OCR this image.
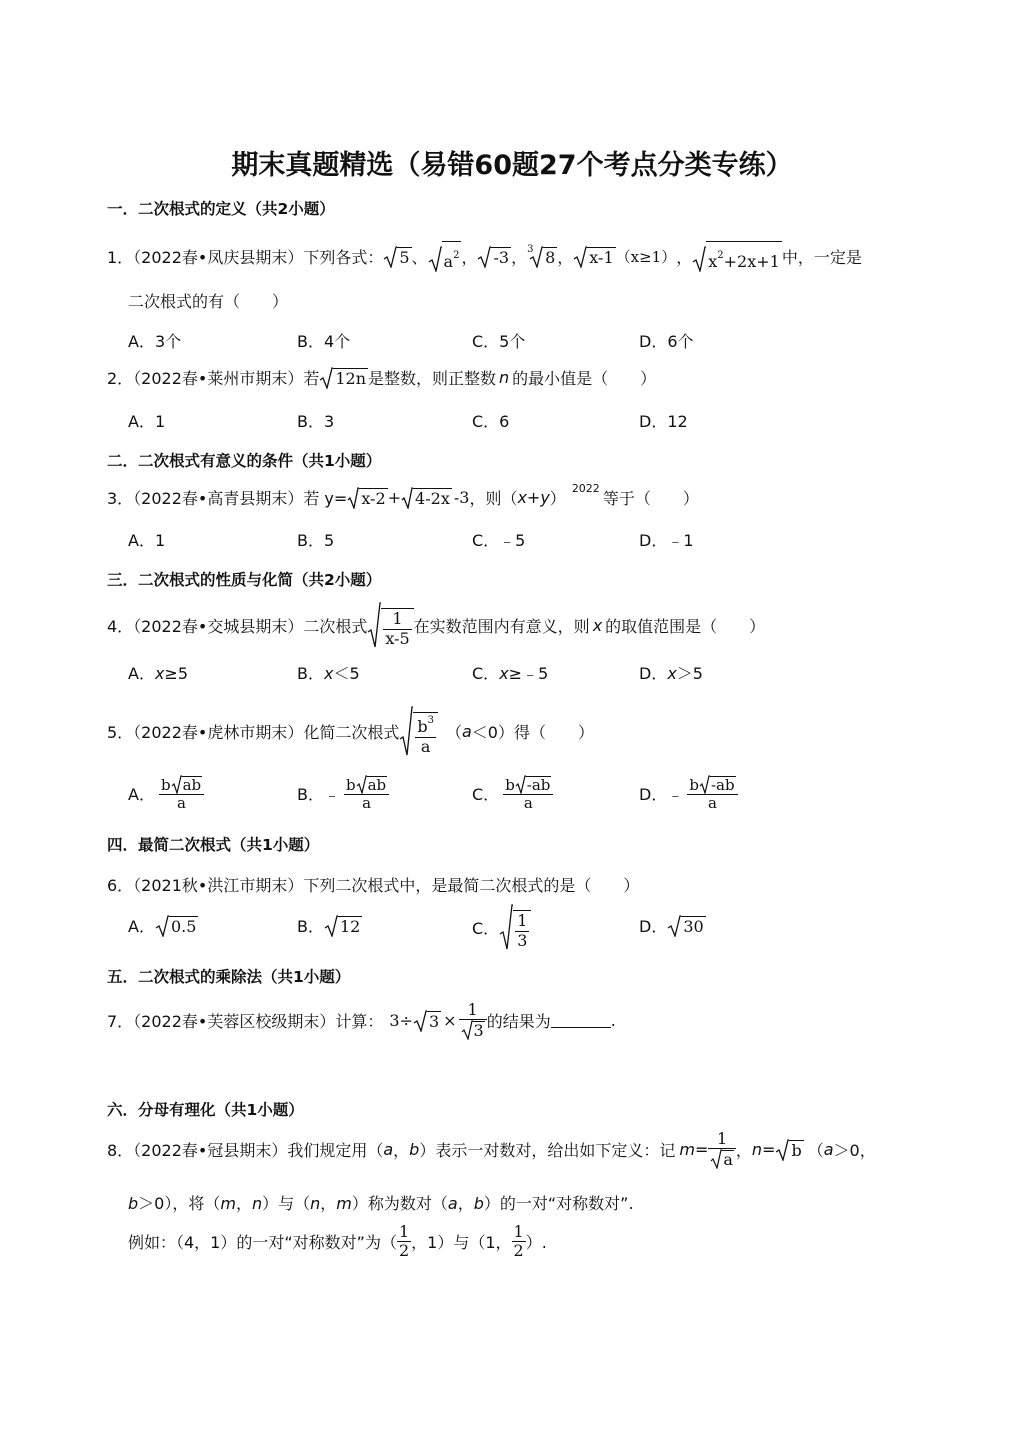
期末真题精选（易错60题27个考点分类专练）
一．二次根式的定义（共2小题）
1．（2022春•凤庆县期末）下列各式： 5 、 $a^2$ ， -3 ， 3 8 ， x-1 （x≥1） ， $x^2+2x+1$ 中，一定是
二次根式的有（　　）
A．3个	B．4个	C．5个	D．6个
2．（2022春•莱州市期末）若 12n 是整数，则正整数 n 的最小值是（　　）
A．1	B．3	C．6	D．12
二．二次根式有意义的条件（共1小题）
3．（2022春•高青县期末）若 y= x-2 + 4-2x -3 ，则（ x + y ）
2022
等于（　　）
A．1	B．5	C．﹣5	D．﹣1
三．二次根式的性质与化简（共2小题）
4．（2022春•交城县期末）二次根式 $\frac{1}{x-5}$ 在实数范围内有意义，则 x 的取值范围是（　　）
A．x≥5	B．x＜5	C．x≥﹣5	D．x＞5
5．（2022春•虎林市期末）化简二次根式 $\frac{b^3}{a}$ （ a ＜0）得（　　）
A． $\frac{\text{b ab}}{a}$	B． ﹣ $\frac{\text{b ab}}{a}$	C． $\frac{b -ab}{a}$	D． ﹣ $\frac{b -ab}{a}$
四．最简二次根式（共1小题）
6．（2021秋•洪江市期末）下列二次根式中，是最简二次根式的是（　　）
A． 0.5	B． 12	C． $\frac{1}{3}$	D． 30
五．二次根式的乘除法（共1小题）
7．（2022春•芙蓉区校级期末）计算： $3\div 3 \times \frac{1}{3}$ 的结果为	.
六．分母有理化（共1小题）
8．（2022春•冠县期末）我们规定用（ a ， b ）表示一对数对，给出如下定义：记 $m = \frac{1}{a}$ ， n = b （ a ＞0，
b＞0），将（m，n）与（n，m）称为数对（a，b）的一对“对称数对”.
例如：（4，1）的一对“对称数对”为（ $\frac{1}{2}$ ，1）与（1， $\frac{1}{2}$ ）.
